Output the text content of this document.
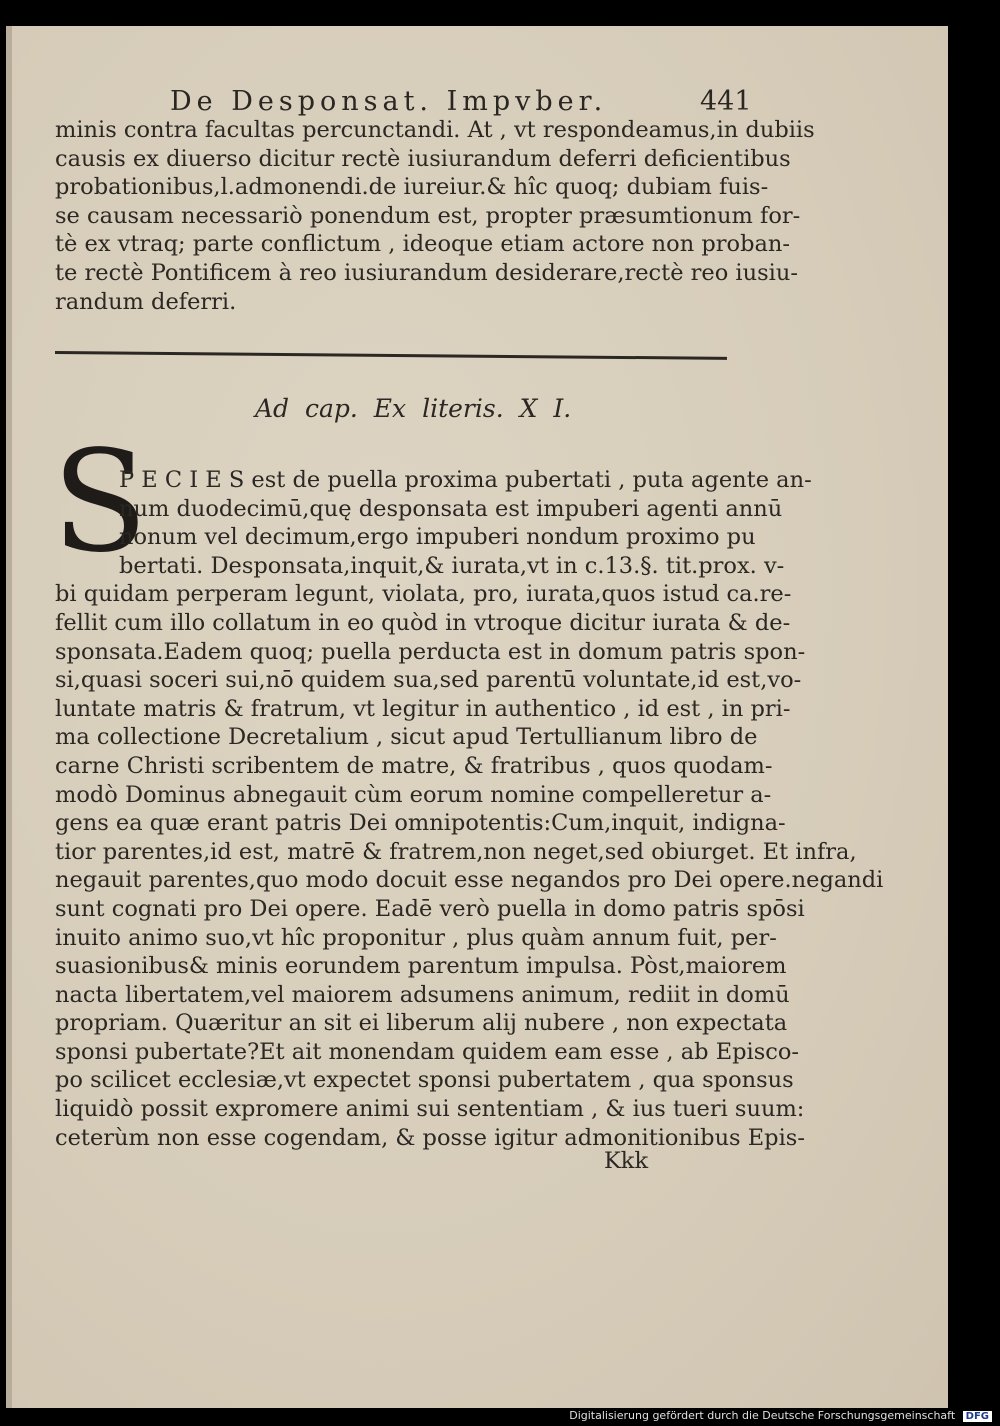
De Desponsat. Impvber.	441
minis contra facultas percunctandi. At , vt respondeamus,in dubiis
causis ex diuerso dicitur rectè iusiurandum deferri deficientibus
probationibus,l.admonendi.de iureiur.& hîc quoq; dubiam fuis-
se causam necessariò ponendum est, propter præsumtionum for-
tè ex vtraq; parte conflictum , ideoque etiam actore non proban-
te rectè Pontificem à reo iusiurandum desiderare,rectè reo iusiu-
randum deferri.
Ad cap. Ex literis. X I.
S
P E C I E S est de puella proxima pubertati , puta agente an-
num duodecimū,quę desponsata est impuberi agenti annū
nonum vel decimum,ergo impuberi nondum proximo pu
bertati. Desponsata,inquit,& iurata,vt in c.13.§. tit.prox. v-
bi quidam perperam legunt, violata, pro, iurata,quos istud ca.re-
fellit cum illo collatum in eo quòd in vtroque dicitur iurata & de-
sponsata.Eadem quoq; puella perducta est in domum patris spon-
si,quasi soceri sui,nō quidem sua,sed parentū voluntate,id est,vo-
luntate matris & fratrum, vt legitur in authentico , id est , in pri-
ma collectione Decretalium , sicut apud Tertullianum libro de
carne Christi scribentem de matre, & fratribus , quos quodam-
modò Dominus abnegauit cùm eorum nomine compelleretur a-
gens ea quæ erant patris Dei omnipotentis:Cum,inquit, indigna-
tior parentes,id est, matrē & fratrem,non neget,sed obiurget. Et infra,
negauit parentes,quo modo docuit esse negandos pro Dei opere.negandi
sunt cognati pro Dei opere. Eadē verò puella in domo patris spōsi
inuito animo suo,vt hîc proponitur , plus quàm annum fuit, per-
suasionibus& minis eorundem parentum impulsa. Pòst,maiorem
nacta libertatem,vel maiorem adsumens animum, rediit in domū
propriam. Quæritur an sit ei liberum alij nubere , non expectata
sponsi pubertate?Et ait monendam quidem eam esse , ab Episco-
po scilicet ecclesiæ,vt expectet sponsi pubertatem , qua sponsus
liquidò possit expromere animi sui sententiam , & ius tueri suum:
ceterùm non esse cogendam, & posse igitur admonitionibus Epis-
Kkk
Digitalisierung gefördert durch die Deutsche Forschungsgemeinschaft DFG
